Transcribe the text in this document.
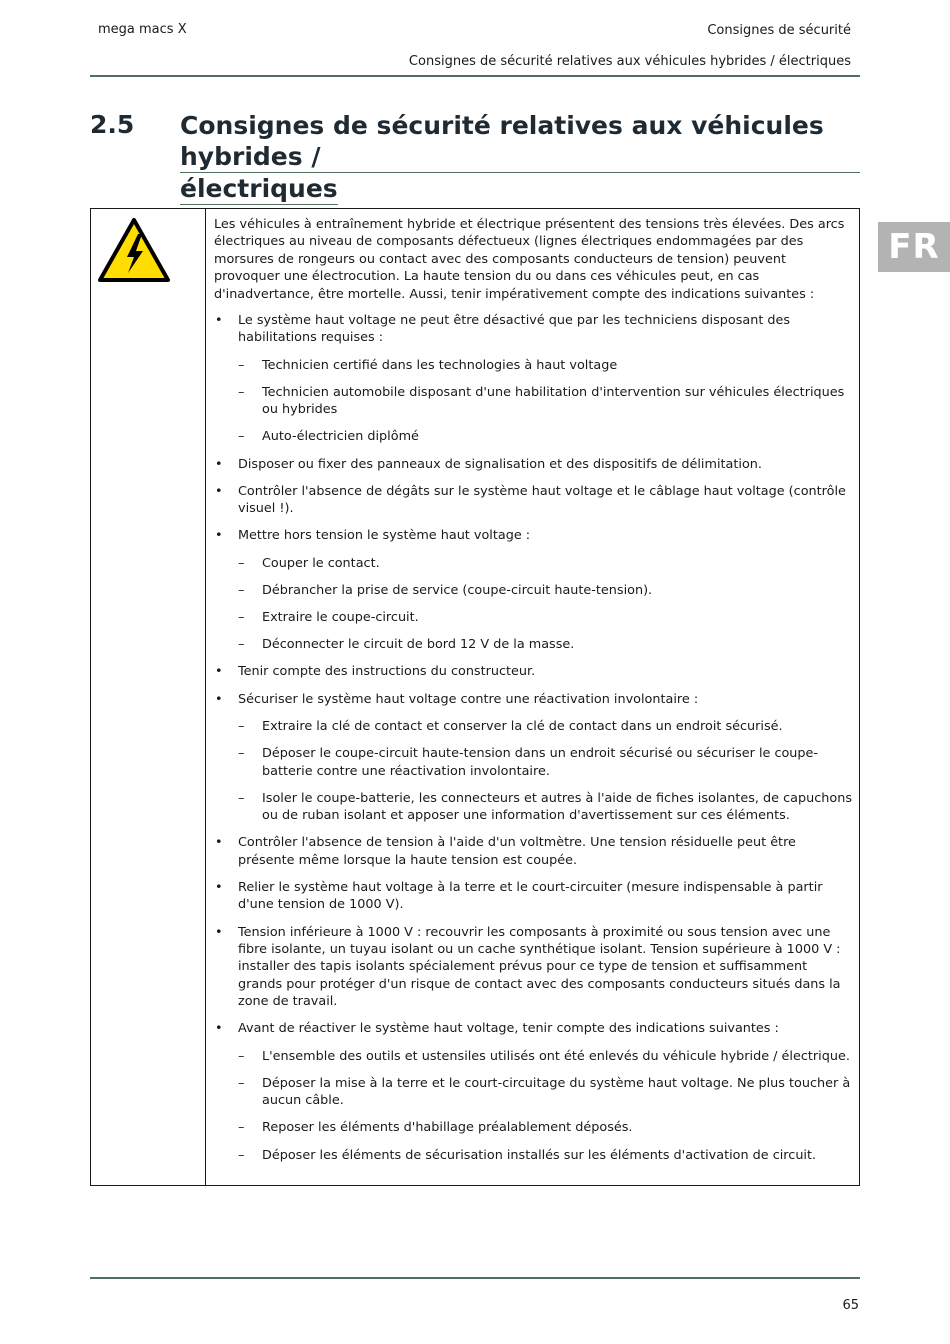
mega macs X	Consignes de sécurité
Consignes de sécurité relatives aux véhicules hybrides / électriques
2.5 Consignes de sécurité relatives aux véhicules hybrides /
électriques
FR

Les véhicules à entraînement hybride et électrique présentent des tensions très élevées. Des arcs électriques au niveau de composants défectueux (lignes électriques endommagées par des morsures de rongeurs ou contact avec des composants conducteurs de tension) peuvent provoquer une électrocution. La haute tension du ou dans ces véhicules peut, en cas d'inadvertance, être mortelle. Aussi, tenir impérativement compte des indications suivantes :

• Le système haut voltage ne peut être désactivé que par les techniciens disposant des habilitations requises :
– Technicien certifié dans les technologies à haut voltage
– Technicien automobile disposant d'une habilitation d'intervention sur véhicules électriques ou hybrides
– Auto-électricien diplômé
• Disposer ou fixer des panneaux de signalisation et des dispositifs de délimitation.
• Contrôler l'absence de dégâts sur le système haut voltage et le câblage haut voltage (contrôle visuel !).
• Mettre hors tension le système haut voltage :
– Couper le contact.
– Débrancher la prise de service (coupe-circuit haute-tension).
– Extraire le coupe-circuit.
– Déconnecter le circuit de bord 12 V de la masse.
• Tenir compte des instructions du constructeur.
• Sécuriser le système haut voltage contre une réactivation involontaire :
– Extraire la clé de contact et conserver la clé de contact dans un endroit sécurisé.
– Déposer le coupe-circuit haute-tension dans un endroit sécurisé ou sécuriser le coupe-batterie contre une réactivation involontaire.
– Isoler le coupe-batterie, les connecteurs et autres à l'aide de fiches isolantes, de capuchons ou de ruban isolant et apposer une information d'avertissement sur ces éléments.
• Contrôler l'absence de tension à l'aide d'un voltmètre. Une tension résiduelle peut être présente même lorsque la haute tension est coupée.
• Relier le système haut voltage à la terre et le court-circuiter (mesure indispensable à partir d'une tension de 1000 V).
• Tension inférieure à 1000 V : recouvrir les composants à proximité ou sous tension avec une fibre isolante, un tuyau isolant ou un cache synthétique isolant. Tension supérieure à 1000 V : installer des tapis isolants spécialement prévus pour ce type de tension et suffisamment grands pour protéger d'un risque de contact avec des composants conducteurs situés dans la zone de travail.
• Avant de réactiver le système haut voltage, tenir compte des indications suivantes :
– L'ensemble des outils et ustensiles utilisés ont été enlevés du véhicule hybride / électrique.
– Déposer la mise à la terre et le court-circuitage du système haut voltage. Ne plus toucher à aucun câble.
– Reposer les éléments d'habillage préalablement déposés.
– Déposer les éléments de sécurisation installés sur les éléments d'activation de circuit.
65
